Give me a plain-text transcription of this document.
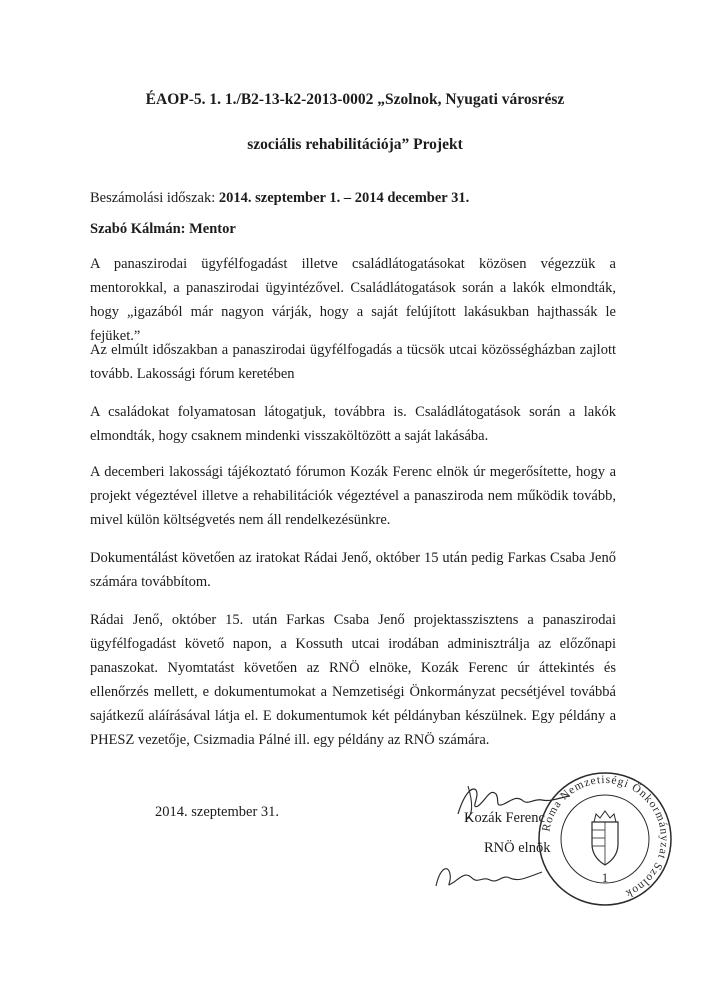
ÉAOP-5. 1. 1./B2-13-k2-2013-0002 „Szolnok, Nyugati városrész

szociális rehabilitációja” Projekt

Beszámolási időszak: 2014. szeptember 1. – 2014 december 31.

Szabó Kálmán: Mentor

A panaszirodai ügyfélfogadást illetve családlátogatásokat közösen végezzük a mentorokkal, a panaszirodai ügyintézővel. Családlátogatások során a lakók elmondták, hogy „igazából már nagyon várják, hogy a saját felújított lakásukban hajthassák le fejüket.”

Az elmúlt időszakban a panaszirodai ügyfélfogadás a tücsök utcai közösségházban zajlott tovább. Lakossági fórum keretében

A családokat folyamatosan látogatjuk, továbbra is. Családlátogatások során a lakók elmondták, hogy csaknem mindenki visszaköltözött a saját lakásába.

A decemberi lakossági tájékoztató fórumon Kozák Ferenc elnök úr megerősítette, hogy a projekt végeztével illetve a rehabilitációk végeztével a panasziroda nem működik tovább, mivel külön költségvetés nem áll rendelkezésünkre.

Dokumentálást követően az iratokat Rádai Jenő, október 15 után pedig Farkas Csaba Jenő számára továbbítom.

Rádai Jenő, október 15. után Farkas Csaba Jenő projektasszisztens a panaszirodai ügyfélfogadást követő napon, a Kossuth utcai irodában adminisztrálja az előzőnapi panaszokat. Nyomtatást követően az RNÖ elnöke, Kozák Ferenc úr áttekintés és ellenőrzés mellett, e dokumentumokat a Nemzetiségi Önkormányzat pecsétjével továbbá sajátkezű aláírásával látja el. E dokumentumok két példányban készülnek. Egy példány a PHESZ vezetője, Csizmadia Pálné ill. egy példány az RNÖ számára.

2014. szeptember 31.	Kozák Ferenc

RNÖ elnök

Roma Nemzetiségi Önkormányzat Szolnok
1
